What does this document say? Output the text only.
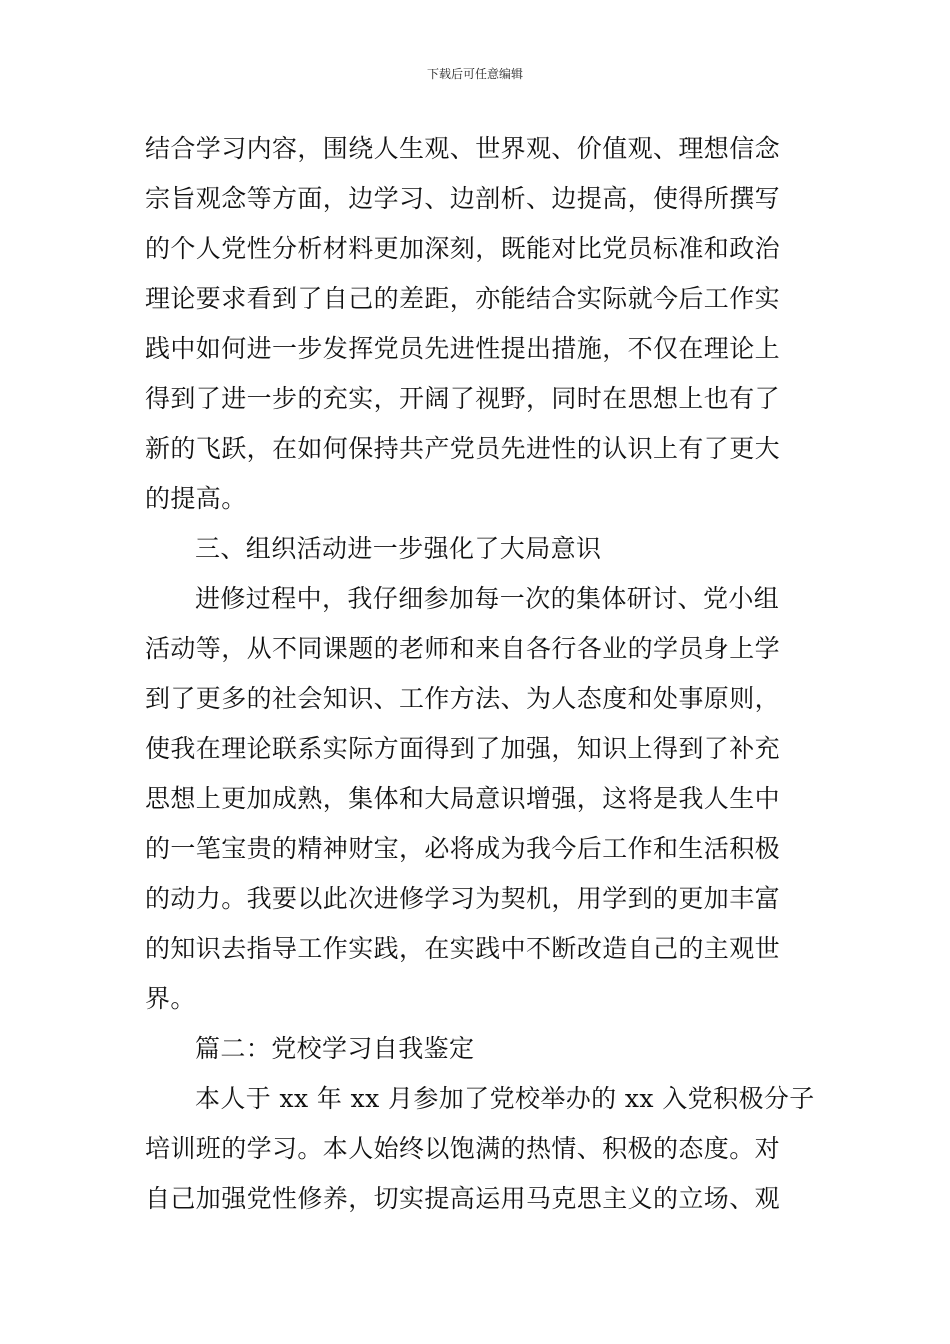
下载后可任意编辑
结合学习内容，围绕人生观、世界观、价值观、理想信念
宗旨观念等方面，边学习、边剖析、边提高，使得所撰写
的个人党性分析材料更加深刻，既能对比党员标准和政治
理论要求看到了自己的差距，亦能结合实际就今后工作实
践中如何进一步发挥党员先进性提出措施，不仅在理论上
得到了进一步的充实，开阔了视野，同时在思想上也有了
新的飞跃，在如何保持共产党员先进性的认识上有了更大
的提高。
三、组织活动进一步强化了大局意识
进修过程中，我仔细参加每一次的集体研讨、党小组
活动等，从不同课题的老师和来自各行各业的学员身上学
到了更多的社会知识、工作方法、为人态度和处事原则，
使我在理论联系实际方面得到了加强，知识上得到了补充
思想上更加成熟，集体和大局意识增强，这将是我人生中
的一笔宝贵的精神财宝，必将成为我今后工作和生活积极
的动力。我要以此次进修学习为契机，用学到的更加丰富
的知识去指导工作实践，在实践中不断改造自己的主观世
界。
篇二：党校学习自我鉴定
本人于 xx 年 xx 月参加了党校举办的 xx 入党积极分子
培训班的学习。本人始终以饱满的热情、积极的态度。对
自己加强党性修养，切实提高运用马克思主义的立场、观
